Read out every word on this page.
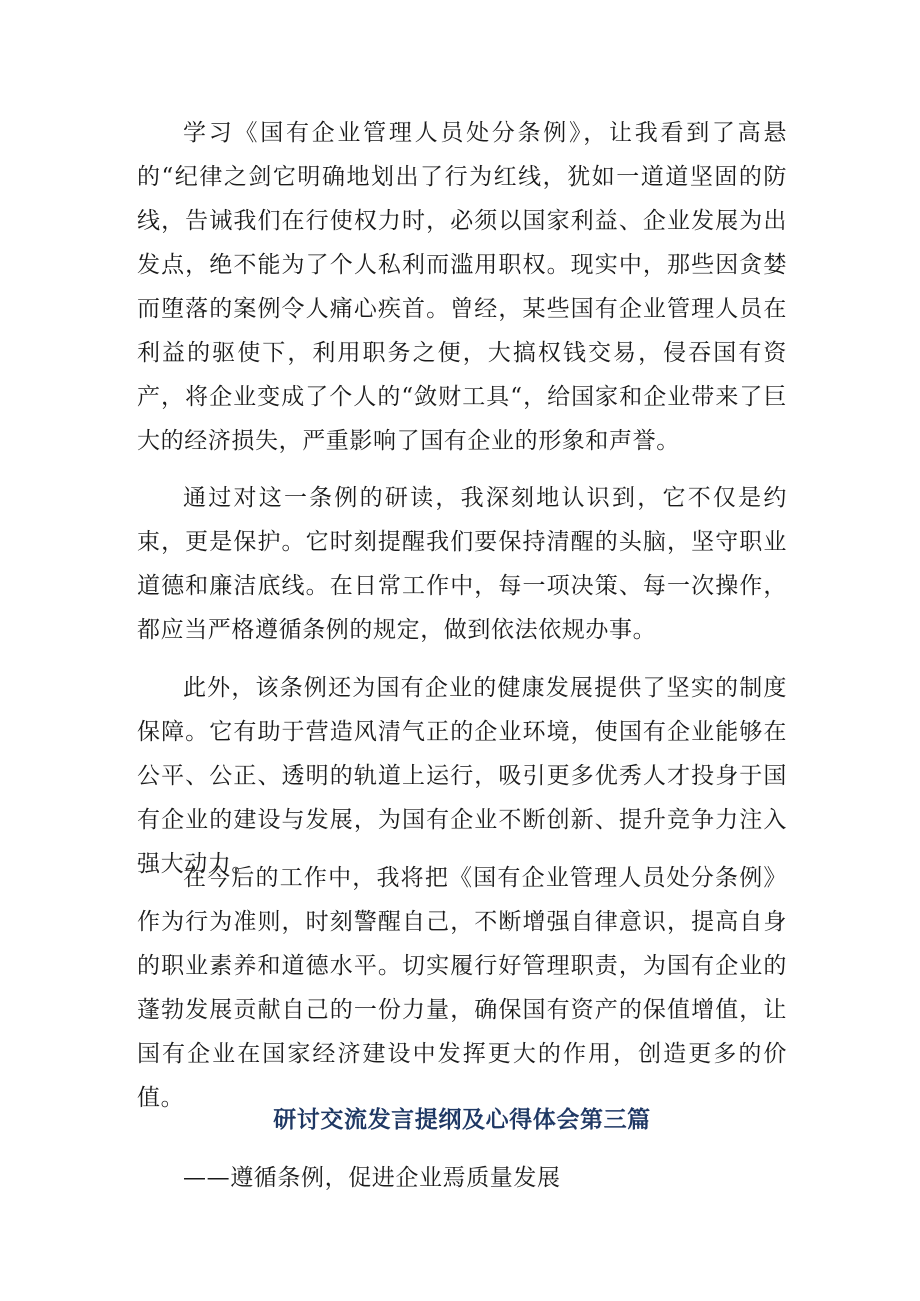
学习《国有企业管理人员处分条例》，让我看到了高悬的“纪律之剑它明确地划出了行为红线，犹如一道道坚固的防线，告诫我们在行使权力时，必须以国家利益、企业发展为出发点，绝不能为了个人私利而滥用职权。现实中，那些因贪婪而堕落的案例令人痛心疾首。曾经，某些国有企业管理人员在利益的驱使下，利用职务之便，大搞权钱交易，侵吞国有资产，将企业变成了个人的“敛财工具“，给国家和企业带来了巨大的经济损失，严重影响了国有企业的形象和声誉。

通过对这一条例的研读，我深刻地认识到，它不仅是约束，更是保护。它时刻提醒我们要保持清醒的头脑，坚守职业道德和廉洁底线。在日常工作中，每一项决策、每一次操作，都应当严格遵循条例的规定，做到依法依规办事。

此外，该条例还为国有企业的健康发展提供了坚实的制度保障。它有助于营造风清气正的企业环境，使国有企业能够在公平、公正、透明的轨道上运行，吸引更多优秀人才投身于国有企业的建设与发展，为国有企业不断创新、提升竞争力注入强大动力。

在今后的工作中，我将把《国有企业管理人员处分条例》作为行为准则，时刻警醒自己，不断增强自律意识，提高自身的职业素养和道德水平。切实履行好管理职责，为国有企业的蓬勃发展贡献自己的一份力量，确保国有资产的保值增值，让国有企业在国家经济建设中发挥更大的作用，创造更多的价值。

研讨交流发言提纲及心得体会第三篇

——遵循条例，促进企业焉质量发展
